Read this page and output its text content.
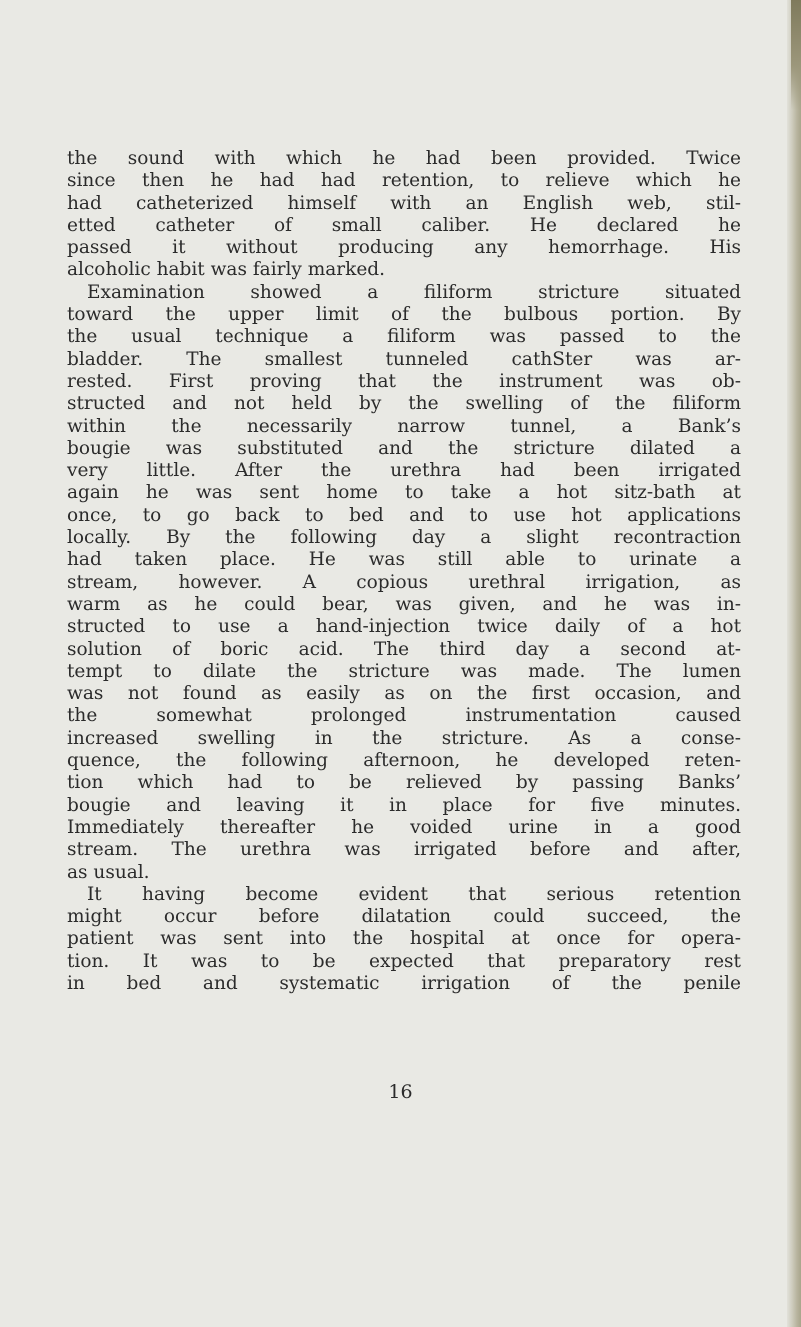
the sound with which he had been provided. Twice
since then he had had retention, to relieve which he
had catheterized himself with an English web, stil-
etted catheter of small caliber. He declared he
passed it without producing any hemorrhage. His
alcoholic habit was fairly marked.
Examination showed a filiform stricture situated
toward the upper limit of the bulbous portion. By
the usual technique a filiform was passed to the
bladder. The smallest tunneled cathSter was ar-
rested. First proving that the instrument was ob-
structed and not held by the swelling of the filiform
within the necessarily narrow tunnel, a Bank’s
bougie was substituted and the stricture dilated a
very little. After the urethra had been irrigated
again he was sent home to take a hot sitz-bath at
once, to go back to bed and to use hot applications
locally. By the following day a slight recontraction
had taken place. He was still able to urinate a
stream, however. A copious urethral irrigation, as
warm as he could bear, was given, and he was in-
structed to use a hand-injection twice daily of a hot
solution of boric acid. The third day a second at-
tempt to dilate the stricture was made. The lumen
was not found as easily as on the first occasion, and
the somewhat prolonged instrumentation caused
increased swelling in the stricture. As a conse-
quence, the following afternoon, he developed reten-
tion which had to be relieved by passing Banks’
bougie and leaving it in place for five minutes.
Immediately thereafter he voided urine in a good
stream. The urethra was irrigated before and after,
as usual.
It having become evident that serious retention
might occur before dilatation could succeed, the
patient was sent into the hospital at once for opera-
tion. It was to be expected that preparatory rest
in bed and systematic irrigation of the penile
16
